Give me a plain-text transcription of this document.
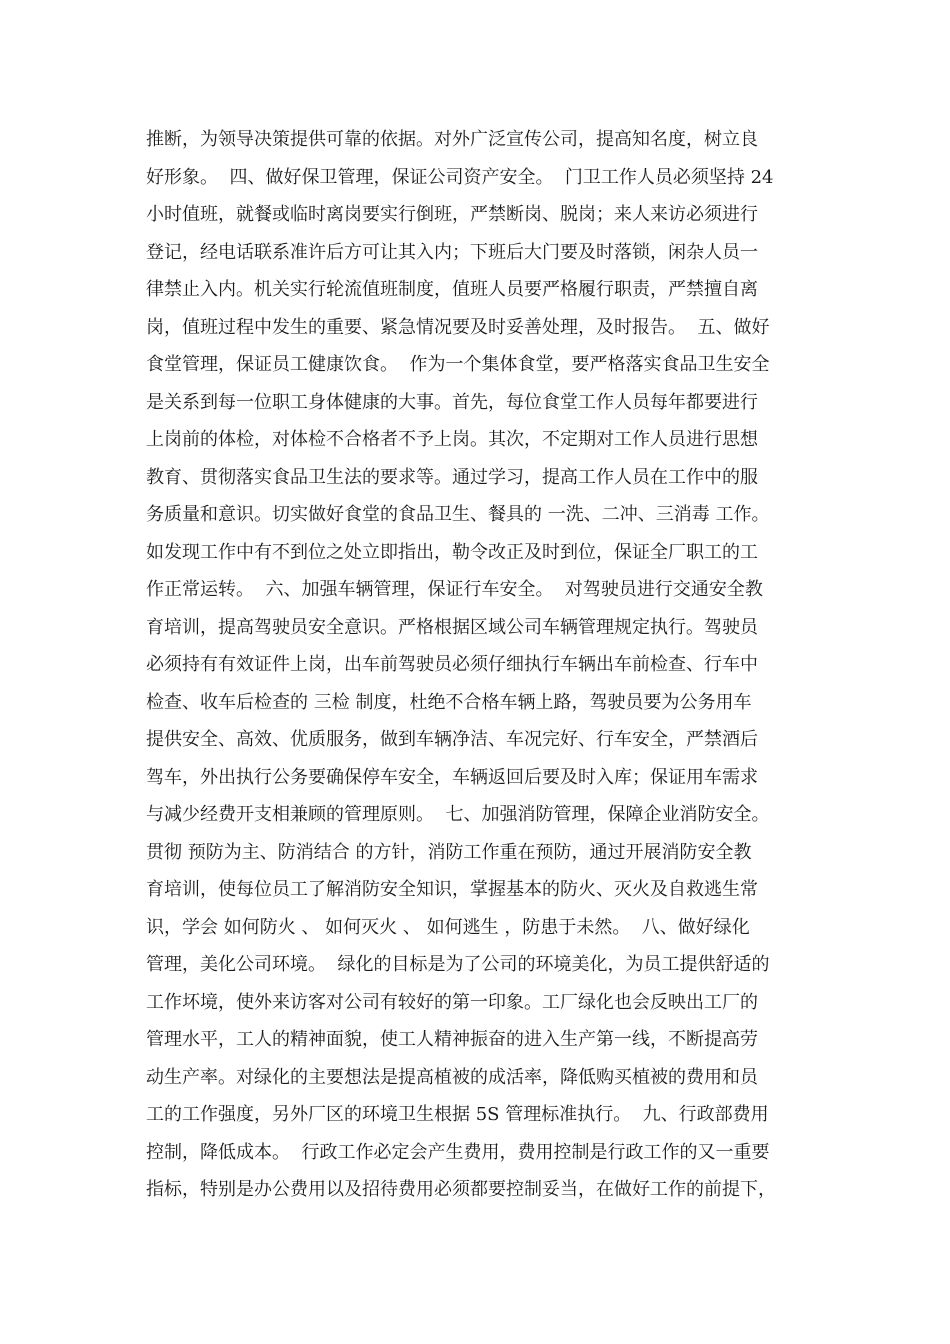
推断，为领导决策提供可靠的依据。对外广泛宣传公司，提高知名度，树立良
好形象。  四、做好保卫管理，保证公司资产安全。  门卫工作人员必须坚持 24
小时值班，就餐或临时离岗要实行倒班，严禁断岗、脱岗；来人来访必须进行
登记，经电话联系准许后方可让其入内；下班后大门要及时落锁，闲杂人员一
律禁止入内。机关实行轮流值班制度，值班人员要严格履行职责，严禁擅自离
岗，值班过程中发生的重要、紧急情况要及时妥善处理，及时报告。  五、做好
食堂管理，保证员工健康饮食。  作为一个集体食堂，要严格落实食品卫生安全
是关系到每一位职工身体健康的大事。首先，每位食堂工作人员每年都要进行
上岗前的体检，对体检不合格者不予上岗。其次，不定期对工作人员进行思想
教育、贯彻落实食品卫生法的要求等。通过学习，提高工作人员在工作中的服
务质量和意识。切实做好食堂的食品卫生、餐具的 一洗、二冲、三消毒 工作。
如发现工作中有不到位之处立即指出，勒令改正及时到位，保证全厂职工的工
作正常运转。  六、加强车辆管理，保证行车安全。  对驾驶员进行交通安全教
育培训，提高驾驶员安全意识。严格根据区域公司车辆管理规定执行。驾驶员
必须持有有效证件上岗，出车前驾驶员必须仔细执行车辆出车前检查、行车中
检查、收车后检查的 三检 制度，杜绝不合格车辆上路，驾驶员要为公务用车
提供安全、高效、优质服务，做到车辆净洁、车况完好、行车安全，严禁酒后
驾车，外出执行公务要确保停车安全，车辆返回后要及时入库；保证用车需求
与减少经费开支相兼顾的管理原则。  七、加强消防管理，保障企业消防安全。
贯彻 预防为主、防消结合 的方针，消防工作重在预防，通过开展消防安全教
育培训，使每位员工了解消防安全知识，掌握基本的防火、灭火及自救逃生常
识，学会 如何防火 、 如何灭火 、 如何逃生 ，防患于未然。  八、做好绿化
管理，美化公司环境。  绿化的目标是为了公司的环境美化，为员工提供舒适的
工作坏境，使外来访客对公司有较好的第一印象。工厂绿化也会反映出工厂的
管理水平，工人的精神面貌，使工人精神振奋的进入生产第一线，不断提高劳
动生产率。对绿化的主要想法是提高植被的成活率，降低购买植被的费用和员
工的工作强度，另外厂区的环境卫生根据 5S 管理标准执行。  九、行政部费用
控制，降低成本。  行政工作必定会产生费用，费用控制是行政工作的又一重要
指标，特别是办公费用以及招待费用必须都要控制妥当，在做好工作的前提下，
